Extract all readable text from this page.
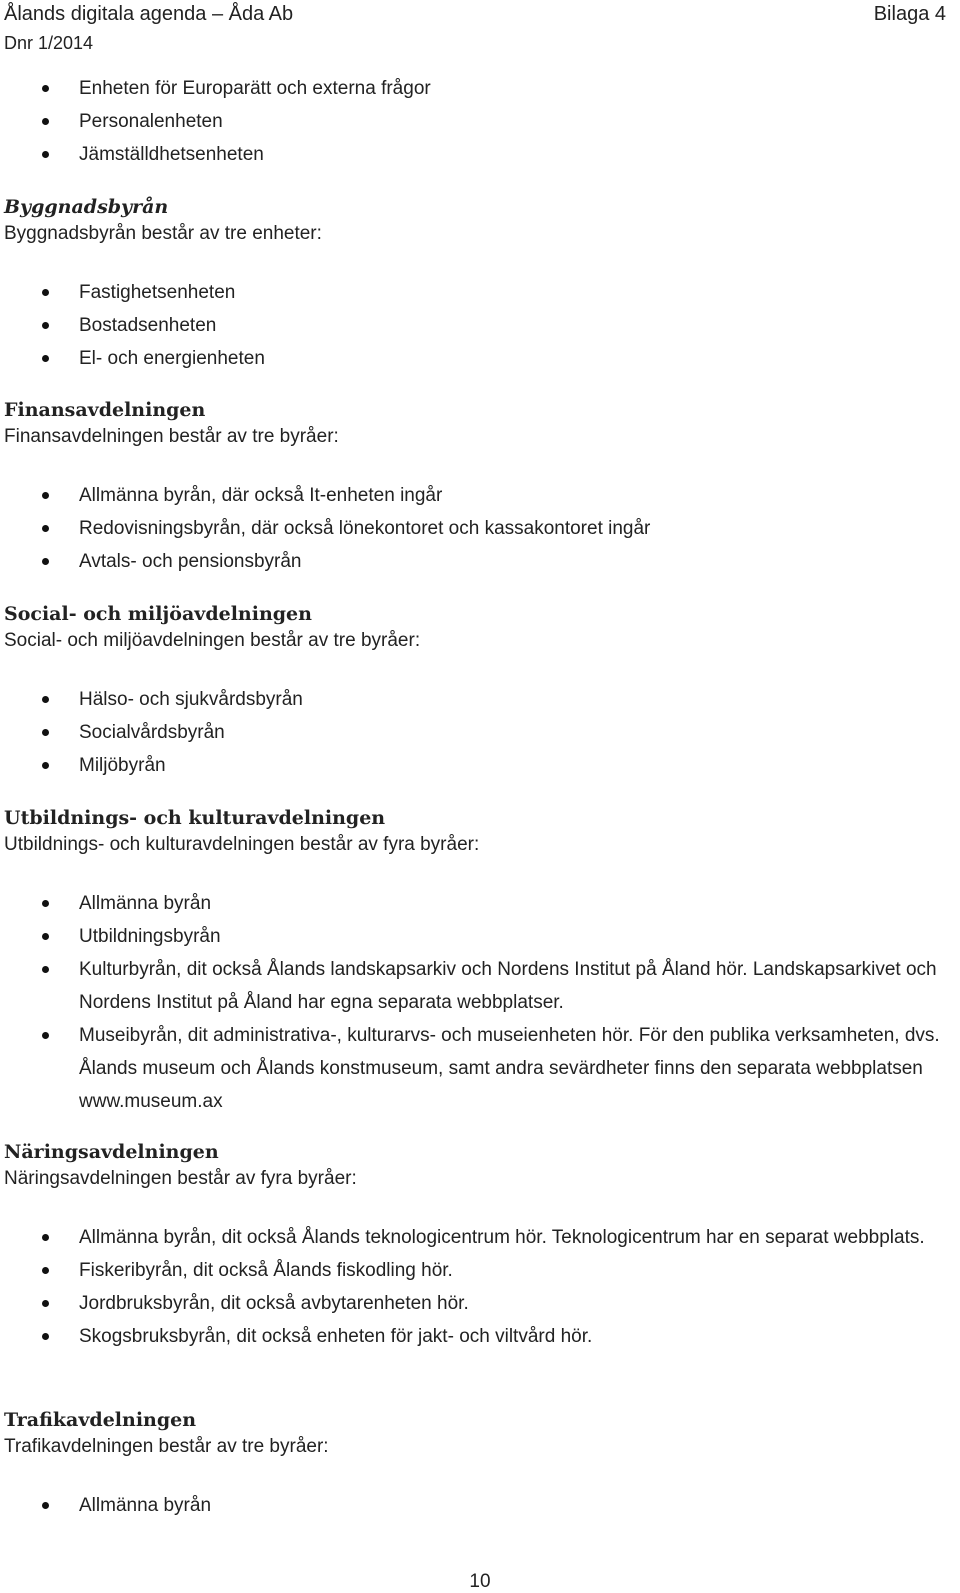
Ålands digitala agenda – Åda Ab	Bilaga 4
Dnr 1/2014
Enheten för Europarätt och externa frågor
Personalenheten
Jämställdhetsenheten
Byggnadsbyrån

Byggnadsbyrån består av tre enheter:

Fastighetsenheten
Bostadsenheten
El- och energienheten
Finansavdelningen

Finansavdelningen består av tre byråer:

Allmänna byrån, där också It-enheten ingår
Redovisningsbyrån, där också lönekontoret och kassakontoret ingår
Avtals- och pensionsbyrån
Social- och miljöavdelningen

Social- och miljöavdelningen består av tre byråer:

Hälso- och sjukvårdsbyrån
Socialvårdsbyrån
Miljöbyrån
Utbildnings- och kulturavdelningen

Utbildnings- och kulturavdelningen består av fyra byråer:

Allmänna byrån
Utbildningsbyrån
Kulturbyrån, dit också Ålands landskapsarkiv och Nordens Institut på Åland hör. Landskapsarkivet och Nordens Institut på Åland har egna separata webbplatser.
Museibyrån, dit administrativa-, kulturarvs- och museienheten hör. För den publika verksamheten, dvs. Ålands museum och Ålands konstmuseum, samt andra sevärdheter finns den separata webbplatsen www.museum.ax
Näringsavdelningen

Näringsavdelningen består av fyra byråer:

Allmänna byrån, dit också Ålands teknologicentrum hör. Teknologicentrum har en separat webbplats.
Fiskeribyrån, dit också Ålands fiskodling hör.
Jordbruksbyrån, dit också avbytarenheten hör.
Skogsbruksbyrån, dit också enheten för jakt- och viltvård hör.
Trafikavdelningen

Trafikavdelningen består av tre byråer:

Allmänna byrån
10
